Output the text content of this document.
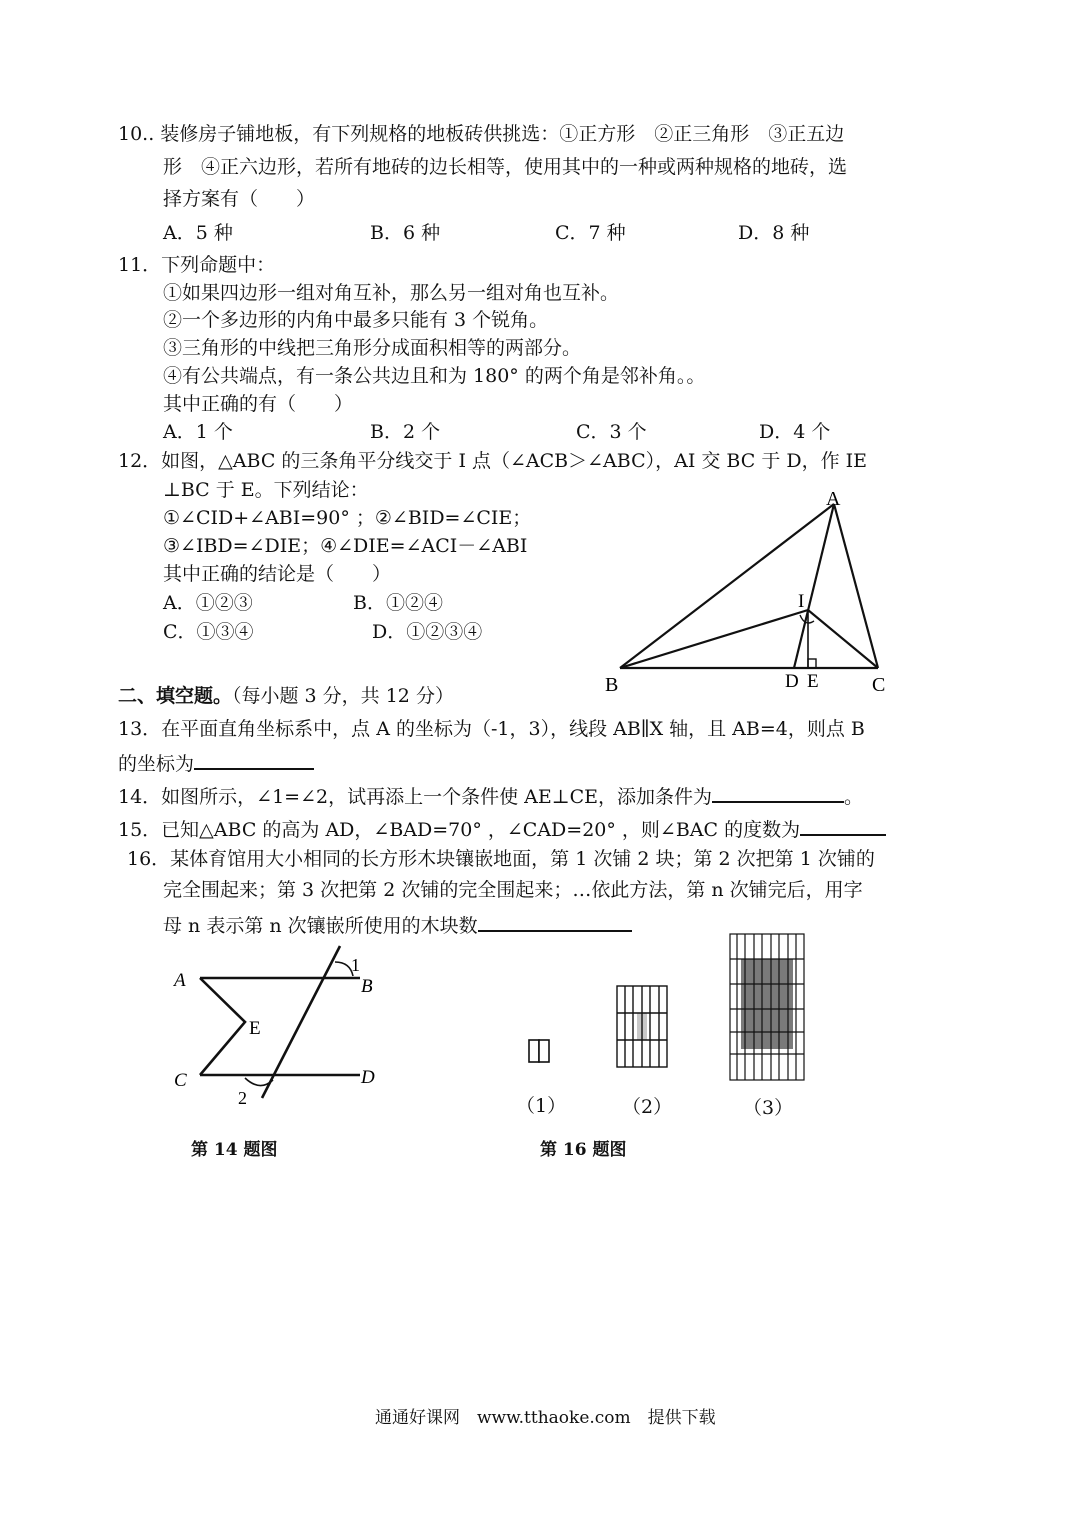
10.. 装修房子铺地板，有下列规格的地板砖供挑选：①正方形　②正三角形　③正五边
形　④正六边形，若所有地砖的边长相等，使用其中的一种或两种规格的地砖，选
择方案有（　　）
A．5 种	B．6 种	C．7 种	D．8 种
11．下列命题中：
①如果四边形一组对角互补，那么另一组对角也互补。
②一个多边形的内角中最多只能有 3 个锐角。
③三角形的中线把三角形分成面积相等的两部分。
④有公共端点，有一条公共边且和为 180° 的两个角是邻补角。。
其中正确的有（　　）
A．1 个	B．2 个	C．3 个	D．4 个
12．如图，△ABC 的三条角平分线交于 I 点（∠ACB＞∠ABC），AI 交 BC 于 D，作 IE
⊥BC 于 E。下列结论：
①∠CID+∠ABI=90° ；②∠BID=∠CIE；
③∠IBD=∠DIE；④∠DIE=∠ACI－∠ABI
其中正确的结论是（　　）
A．①②③	B．①②④
C．①③④	D．①②③④
A
B	C
D E
I
二、填空题。（每小题 3 分，共 12 分）
13．在平面直角坐标系中，点 A 的坐标为（-1，3），线段 AB∥X 轴，且 AB=4，则点 B
的坐标为
14．如图所示，∠1=∠2，试再添上一个条件使 AE⊥CE，添加条件为	。
15．已知△ABC 的高为 AD，∠BAD=70° ，∠CAD=20° ，则∠BAC 的度数为
16．某体育馆用大小相同的长方形木块镶嵌地面，第 1 次铺 2 块；第 2 次把第 1 次铺的
完全围起来；第 3 次把第 2 次铺的完全围起来；…依此方法，第 n 次铺完后，用字
母 n 表示第 n 次镶嵌所使用的木块数
A	B
C	D
E
1
2	（1）	（2）	（3）
第 14 题图	第 16 题图
通通好课网　www.tthaoke.com　提供下载
